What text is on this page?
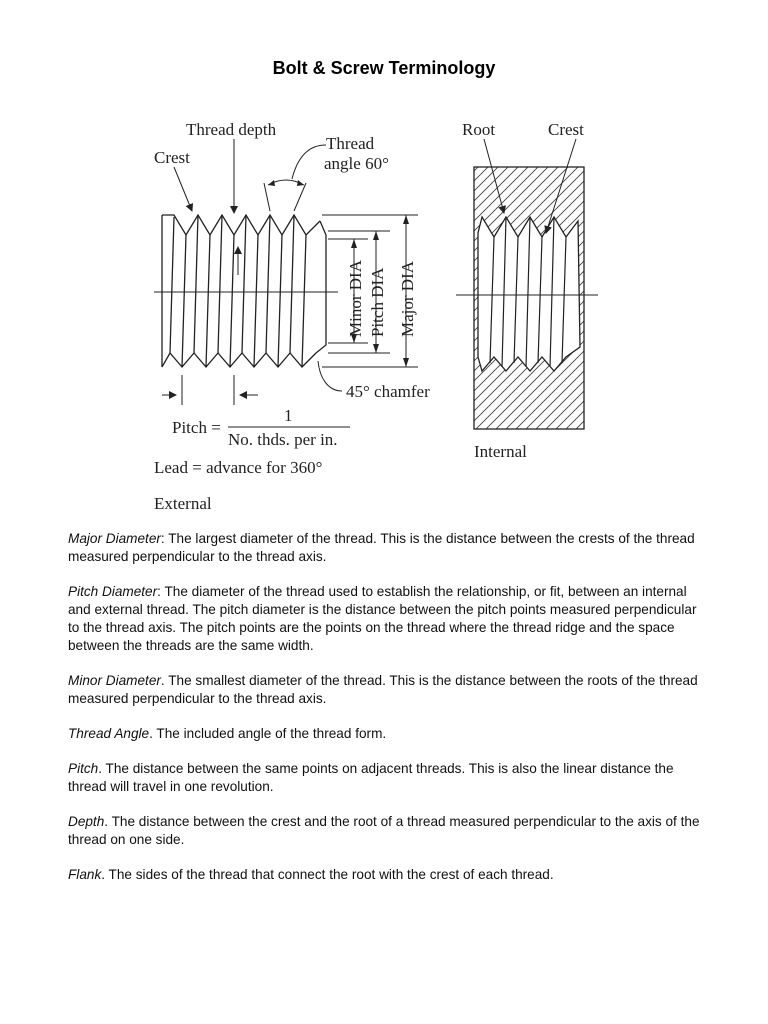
Bolt & Screw Terminology
Minor DIA Pitch DIA Major DIA
Thread depth
Crest
Thread
angle 60°
45° chamfer
Pitch =
1
No. thds. per in.
Lead = advance for 360°
External
Root	Crest
Internal

Major Diameter: The largest diameter of the thread. This is the distance between the crests of the thread measured perpendicular to the thread axis.

Pitch Diameter: The diameter of the thread used to establish the relationship, or fit, between an internal and external thread. The pitch diameter is the distance between the pitch points measured perpendicular to the thread axis. The pitch points are the points on the thread where the thread ridge and the space between the threads are the same width.

Minor Diameter. The smallest diameter of the thread. This is the distance between the roots of the thread measured perpendicular to the thread axis.

Thread Angle. The included angle of the thread form.

Pitch. The distance between the same points on adjacent threads. This is also the linear distance the thread will travel in one revolution.

Depth. The distance between the crest and the root of a thread measured perpendicular to the axis of the thread on one side.

Flank. The sides of the thread that connect the root with the crest of each thread.
